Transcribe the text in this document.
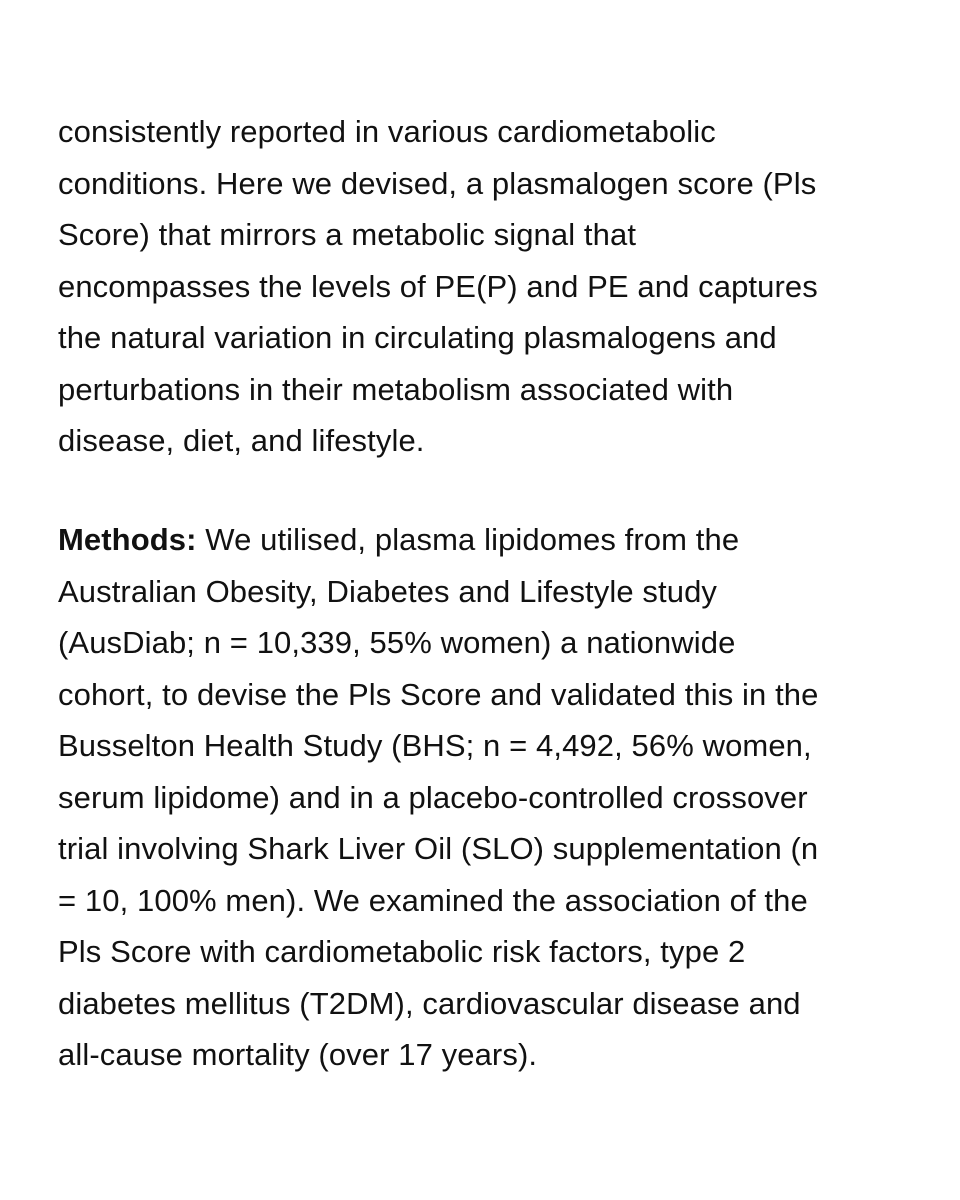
consistently reported in various cardiometabolic
conditions. Here we devised, a plasmalogen score (Pls
Score) that mirrors a metabolic signal that
encompasses the levels of PE(P) and PE and captures
the natural variation in circulating plasmalogens and
perturbations in their metabolism associated with
disease, diet, and lifestyle.
Methods: We utilised, plasma lipidomes from the
Australian Obesity, Diabetes and Lifestyle study
(AusDiab; n = 10,339, 55% women) a nationwide
cohort, to devise the Pls Score and validated this in the
Busselton Health Study (BHS; n = 4,492, 56% women,
serum lipidome) and in a placebo-controlled crossover
trial involving Shark Liver Oil (SLO) supplementation (n
= 10, 100% men). We examined the association of the
Pls Score with cardiometabolic risk factors, type 2
diabetes mellitus (T2DM), cardiovascular disease and
all-cause mortality (over 17 years).
